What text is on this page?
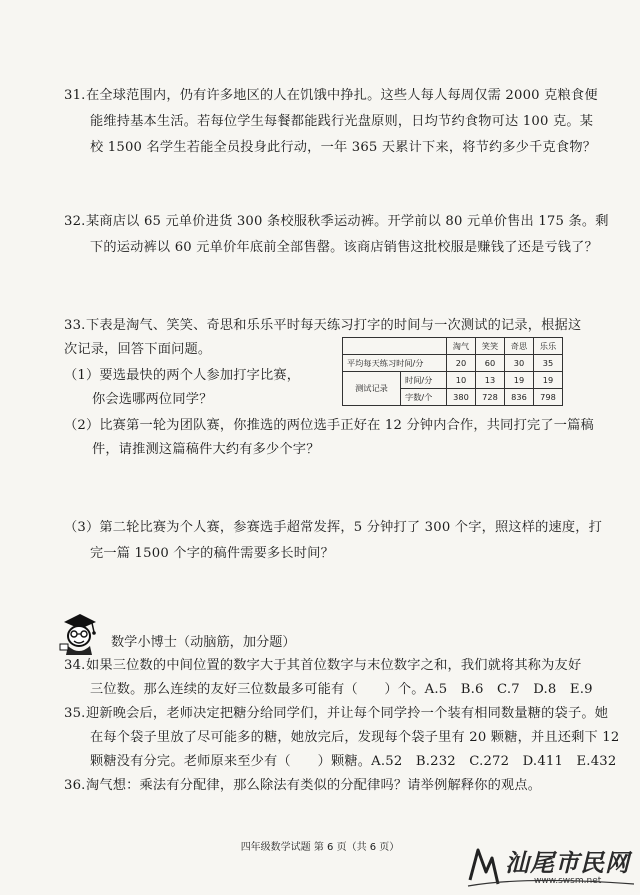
31.在全球范围内，仍有许多地区的人在饥饿中挣扎。这些人每人每周仅需 2000 克粮食便
能维持基本生活。若每位学生每餐都能践行光盘原则，日均节约食物可达 100 克。某
校 1500 名学生若能全员投身此行动，一年 365 天累计下来，将节约多少千克食物？
32.某商店以 65 元单价进货 300 条校服秋季运动裤。开学前以 80 元单价售出 175 条。剩
下的运动裤以 60 元单价年底前全部售罄。该商店销售这批校服是赚钱了还是亏钱了？
33.下表是淘气、笑笑、奇思和乐乐平时每天练习打字的时间与一次测试的记录，根据这
次记录，回答下面问题。
（1）要选最快的两个人参加打字比赛，
你会选哪两位同学？
（2）比赛第一轮为团队赛，你推选的两位选手正好在 12 分钟内合作，共同打完了一篇稿
件，请推测这篇稿件大约有多少个字？
		淘气	笑笑	奇思	乐乐
平均每天练习时间/分		20	60	30	35
测试记录	时间/分	10	13	19	19
	字数/个	380	728	836	798
（3）第二轮比赛为个人赛，参赛选手超常发挥，5 分钟打了 300 个字，照这样的速度，打
完一篇 1500 个字的稿件需要多长时间？
数学小博士（动脑筋，加分题）
34.如果三位数的中间位置的数字大于其首位数字与末位数字之和，我们就将其称为友好
三位数。那么连续的友好三位数最多可能有（　　）个。A.5　B.6　C.7　D.8　E.9
35.迎新晚会后，老师决定把糖分给同学们，并让每个同学拎一个装有相同数量糖的袋子。她
在每个袋子里放了尽可能多的糖，她放完后，发现每个袋子里有 20 颗糖，并且还剩下 12
颗糖没有分完。老师原来至少有（　　）颗糖。A.52　B.232　C.272　D.411　E.432
36.淘气想：乘法有分配律，那么除法有类似的分配律吗？请举例解释你的观点。
四年级数学试题 第 6 页（共 6 页）
汕尾市民网
www.swsm.net
